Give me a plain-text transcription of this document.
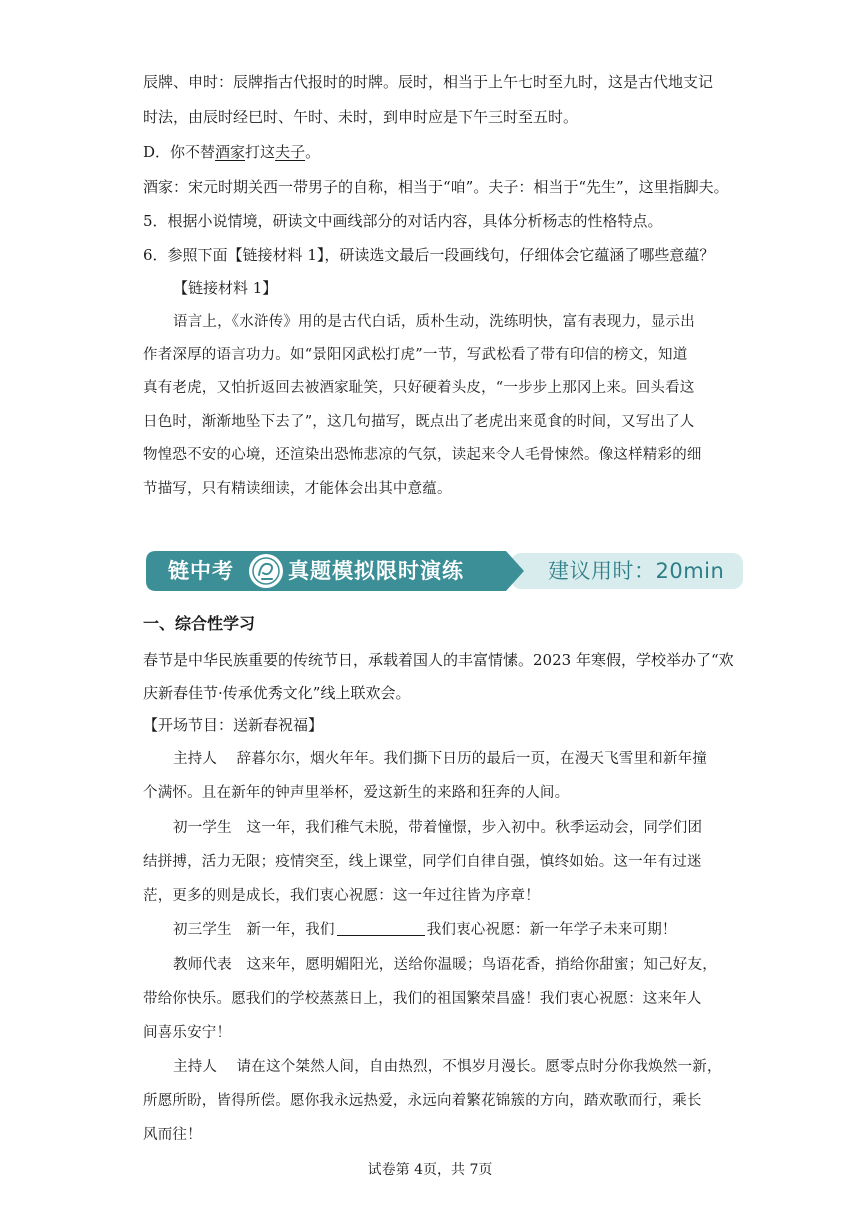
辰牌、申时：辰牌指古代报时的时牌。辰时，相当于上午七时至九时，这是古代地支记
时法，由辰时经巳时、午时、未时，到申时应是下午三时至五时。
D．你不替酒家打这夫子。
酒家：宋元时期关西一带男子的自称，相当于“咱”。夫子：相当于“先生”，这里指脚夫。
5．根据小说情境，研读文中画线部分的对话内容，具体分析杨志的性格特点。
6．参照下面【链接材料 1】，研读选文最后一段画线句，仔细体会它蕴涵了哪些意蕴？
【链接材料 1】
语言上，《水浒传》用的是古代白话，质朴生动，洗练明快，富有表现力，显示出
作者深厚的语言功力。如“景阳冈武松打虎”一节，写武松看了带有印信的榜文，知道
真有老虎，又怕折返回去被酒家耻笑，只好硬着头皮，“一步步上那冈上来。回头看这
日色时，渐渐地坠下去了”，这几句描写，既点出了老虎出来觅食的时间，又写出了人
物惶恐不安的心境，还渲染出恐怖悲凉的气氛，读起来令人毛骨悚然。像这样精彩的细
节描写，只有精读细读，才能体会出其中意蕴。
链中考	真题模拟限时演练	建议用时：20min
一、综合性学习
春节是中华民族重要的传统节日，承载着国人的丰富情愫。2023 年寒假，学校举办了“欢
庆新春佳节·传承优秀文化”线上联欢会。
【开场节目：送新春祝福】
主持人　 辞暮尔尔，烟火年年。我们撕下日历的最后一页，在漫天飞雪里和新年撞
个满怀。且在新年的钟声里举杯，爱这新生的来路和狂奔的人间。
初一学生　这一年，我们稚气未脱，带着憧憬，步入初中。秋季运动会，同学们团
结拼搏，活力无限；疫情突至，线上课堂，同学们自律自强，慎终如始。这一年有过迷
茫，更多的则是成长，我们衷心祝愿：这一年过往皆为序章！
初三学生　新一年，我们	我们衷心祝愿：新一年学子未来可期！
教师代表　这来年，愿明媚阳光，送给你温暖；鸟语花香，捎给你甜蜜；知己好友，
带给你快乐。愿我们的学校蒸蒸日上，我们的祖国繁荣昌盛！我们衷心祝愿：这来年人
间喜乐安宁！
主持人　 请在这个桀然人间，自由热烈，不惧岁月漫长。愿零点时分你我焕然一新，
所愿所盼，皆得所偿。愿你我永远热爱，永远向着繁花锦簇的方向，踏欢歌而行，乘长
风而往！
试卷第 4页，共 7页
